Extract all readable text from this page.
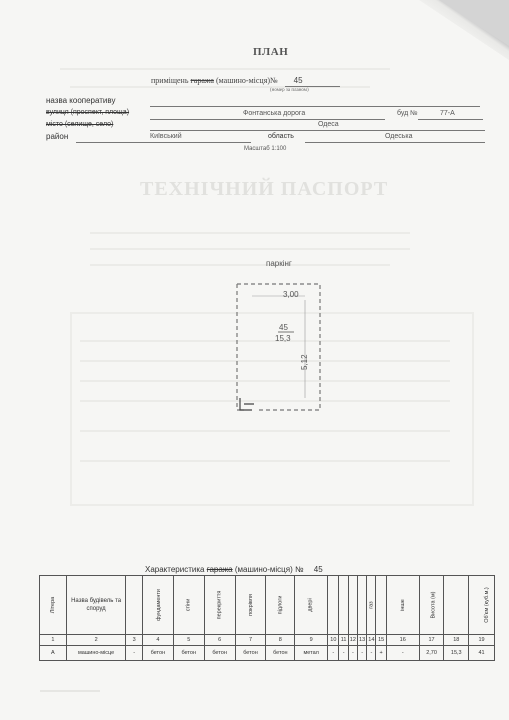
ТЕХНІЧНИЙ ПАСПОРТ
ПЛАН
приміщень гаража (машино-місця)№ 45
(номер за планом)
назва кооперативу
вулиця (проспект, площа)	Фонтанська дорога	буд №	77-А
місто (селище, село)	Одеса
район	Київський	область	Одеська
Масштаб 1:100
паркінг
3,00
45
15,3
5,12
Характеристика гаража (машино-місця) № 45
Літера	Назва будівель та споруд		фундаменти	стіни	перекриття	покрівля	підлоги	двері					газ		інше	Висота (м)		Об'єм (куб.м.)
1	2	3	4	5	6	7	8	9	10	11	12	13	14	15	16	17	18	19
А	машино-місце	-	бетон	бетон	бетон	бетон	бетон	метал	-	-	-	-	-	+	-	2,70	15,3	41
